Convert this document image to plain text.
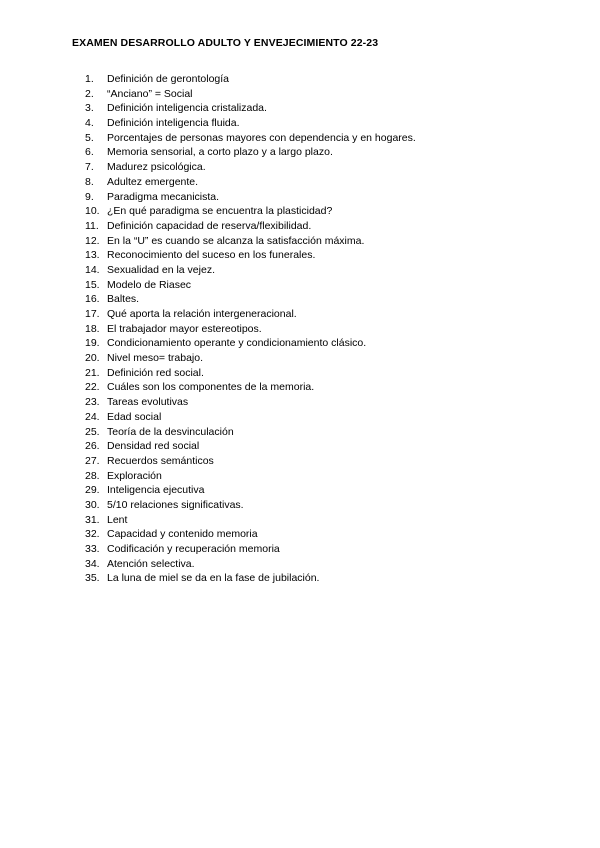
EXAMEN DESARROLLO ADULTO Y ENVEJECIMIENTO 22-23
1. Definición de gerontología
2. “Anciano” = Social
3. Definición inteligencia cristalizada.
4. Definición inteligencia fluida.
5. Porcentajes de personas mayores con dependencia y en hogares.
6. Memoria sensorial, a corto plazo y a largo plazo.
7. Madurez psicológica.
8. Adultez emergente.
9. Paradigma mecanicista.
10. ¿En qué paradigma se encuentra la plasticidad?
11. Definición capacidad de reserva/flexibilidad.
12. En la “U” es cuando se alcanza la satisfacción máxima.
13. Reconocimiento del suceso en los funerales.
14. Sexualidad en la vejez.
15. Modelo de Riasec
16. Baltes.
17. Qué aporta la relación intergeneracional.
18. El trabajador mayor estereotipos.
19. Condicionamiento operante y condicionamiento clásico.
20. Nivel meso= trabajo.
21. Definición red social.
22. Cuáles son los componentes de la memoria.
23. Tareas evolutivas
24. Edad social
25. Teoría de la desvinculación
26. Densidad red social
27. Recuerdos semánticos
28. Exploración
29. Inteligencia ejecutiva
30. 5/10 relaciones significativas.
31. Lent
32. Capacidad y contenido memoria
33. Codificación y recuperación memoria
34. Atención selectiva.
35. La luna de miel se da en la fase de jubilación.
